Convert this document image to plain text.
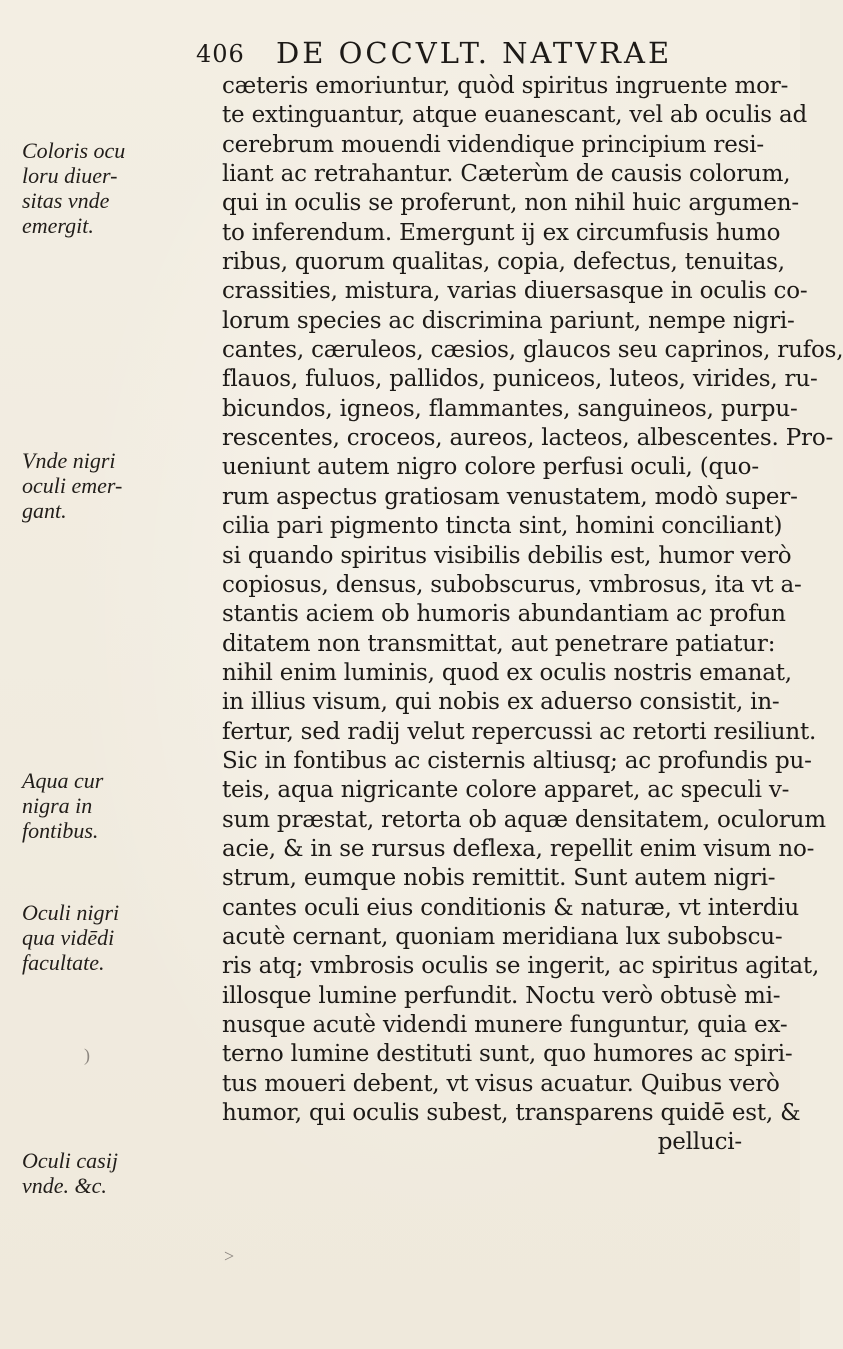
406 DE OCCVLT. NATVRAE
Coloris ocu
loru diuer-
sitas vnde
emergit.
Vnde nigri
oculi emer-
gant.
Aqua cur
nigra in
fontibus.
Oculi nigri
qua vidēdi
facultate.
Oculi casij
vnde. &c.
)
>
cæteris emoriuntur, quòd spiritus ingruente mor-
te extinguantur, atque euanescant, vel ab oculis ad
cerebrum mouendi videndique principium resi-
liant ac retrahantur. Cæterùm de causis colorum,
qui in oculis se proferunt, non nihil huic argumen-
to inferendum. Emergunt ij ex circumfusis humo
ribus, quorum qualitas, copia, defectus, tenuitas,
crassities, mistura, varias diuersasque in oculis co-
lorum species ac discrimina pariunt, nempe nigri-
cantes, cæruleos, cæsios, glaucos seu caprinos, rufos,
flauos, fuluos, pallidos, puniceos, luteos, virides, ru-
bicundos, igneos, flammantes, sanguineos, purpu-
rescentes, croceos, aureos, lacteos, albescentes. Pro-
ueniunt autem nigro colore perfusi oculi, (quo-
rum aspectus gratiosam venustatem, modò super-
cilia pari pigmento tincta sint, homini conciliant)
si quando spiritus visibilis debilis est, humor verò
copiosus, densus, subobscurus, vmbrosus, ita vt a-
stantis aciem ob humoris abundantiam ac profun
ditatem non transmittat, aut penetrare patiatur:
nihil enim luminis, quod ex oculis nostris emanat,
in illius visum, qui nobis ex aduerso consistit, in-
fertur, sed radij velut repercussi ac retorti resiliunt.
Sic in fontibus ac cisternis altiusq; ac profundis pu-
teis, aqua nigricante colore apparet, ac speculi v-
sum præstat, retorta ob aquæ densitatem, oculorum
acie, & in se rursus deflexa, repellit enim visum no-
strum, eumque nobis remittit. Sunt autem nigri-
cantes oculi eius conditionis & naturæ, vt interdiu
acutè cernant, quoniam meridiana lux subobscu-
ris atq; vmbrosis oculis se ingerit, ac spiritus agitat,
illosque lumine perfundit. Noctu verò obtusè mi-
nusque acutè videndi munere funguntur, quia ex-
terno lumine destituti sunt, quo humores ac spiri-
tus moueri debent, vt visus acuatur. Quibus verò
humor, qui oculis subest, transparens quidē est, &
pelluci-
